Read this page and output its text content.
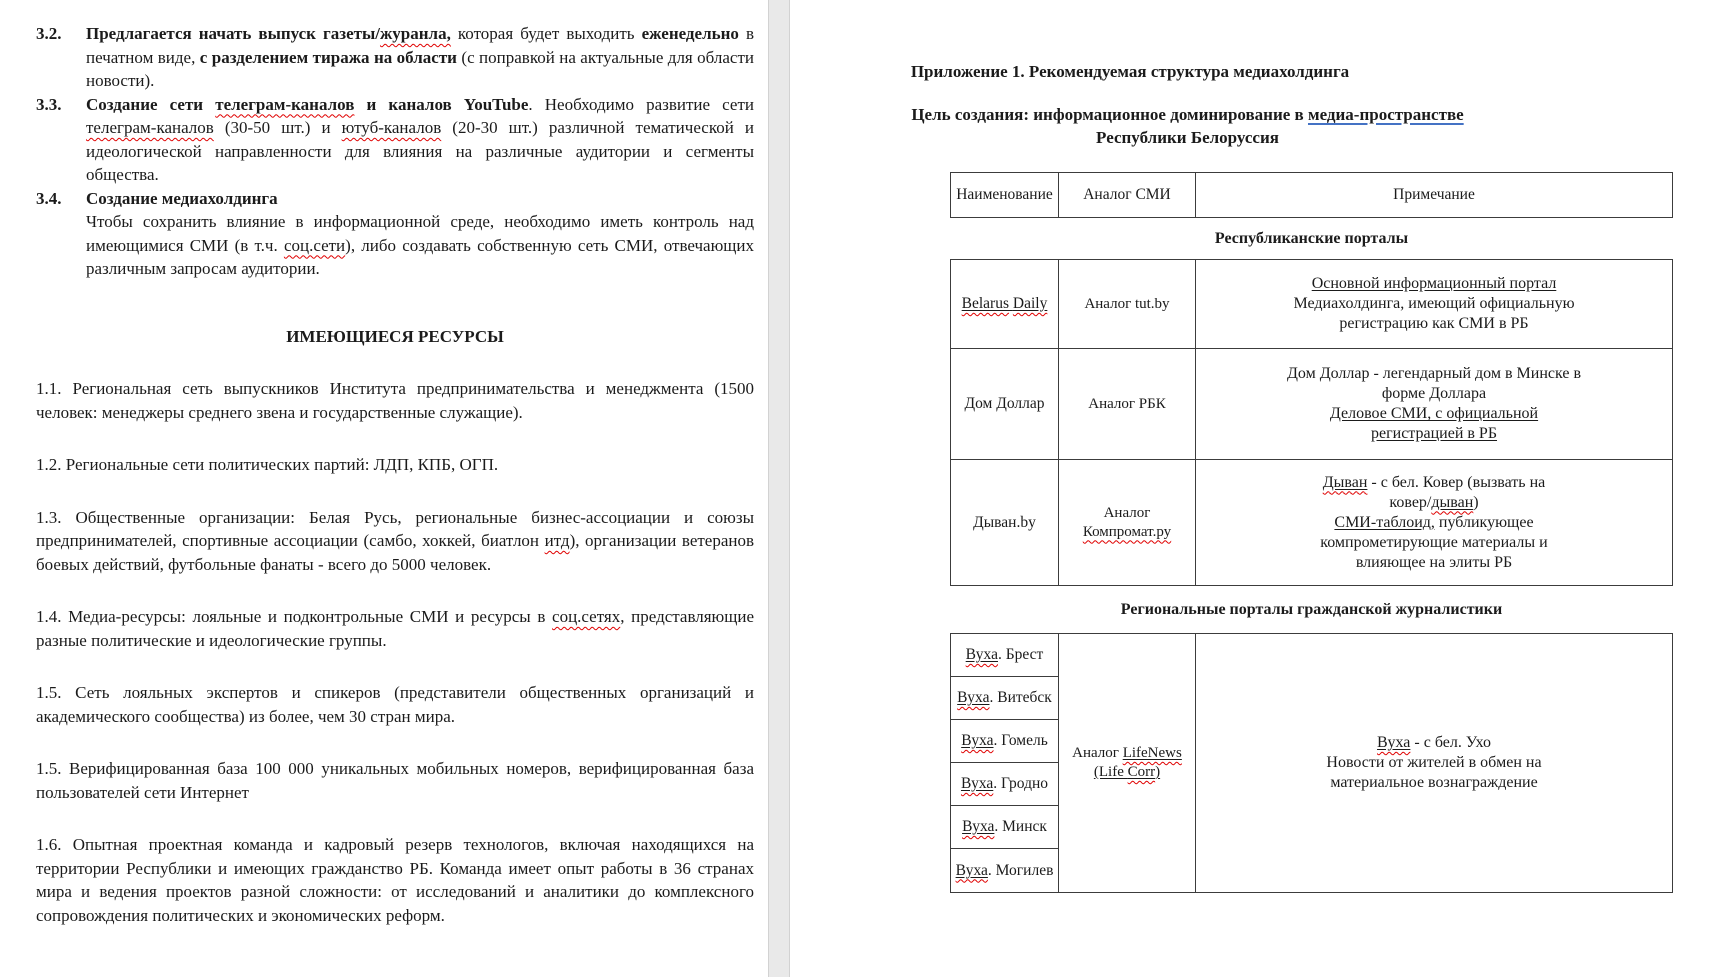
3.2. Предлагается начать выпуск газеты/журанла, которая будет выходить еженедельно в печатном виде, с разделением тиража на области (с поправкой на актуальные для области новости).
3.3. Создание сети телеграм-каналов и каналов YouTube. Необходимо развитие сети телеграм-каналов (30-50 шт.) и ютуб-каналов (20-30 шт.) различной тематической и идеологической направленности для влияния на различные аудитории и сегменты общества.
3.4. Создание медиахолдинга
Чтобы сохранить влияние в информационной среде, необходимо иметь контроль над имеющимися СМИ (в т.ч. соц.сети), либо создавать собственную сеть СМИ, отвечающих различным запросам аудитории.
ИМЕЮЩИЕСЯ РЕСУРСЫ
1.1. Региональная сеть выпускников Института предпринимательства и менеджмента (1500 человек: менеджеры среднего звена и государственные служащие).
1.2. Региональные сети политических партий: ЛДП, КПБ, ОГП.
1.3. Общественные организации: Белая Русь, региональные бизнес-ассоциации и союзы предпринимателей, спортивные ассоциации (самбо, хоккей, биатлон итд), организации ветеранов боевых действий, футбольные фанаты - всего до 5000 человек.
1.4. Медиа-ресурсы: лояльные и подконтрольные СМИ и ресурсы в соц.сетях, представляющие разные политические и идеологические группы.
1.5. Сеть лояльных экспертов и спикеров (представители общественных организаций и академического сообщества) из более, чем 30 стран мира.
1.5. Верифицированная база 100 000 уникальных мобильных номеров, верифицированная база пользователей сети Интернет
1.6. Опытная проектная команда и кадровый резерв технологов, включая находящихся на территории Республики и имеющих гражданство РБ. Команда имеет опыт работы в 36 странах мира и ведения проектов разной сложности: от исследований и аналитики до комплексного сопровождения политических и экономических реформ.
Приложение 1. Рекомендуемая структура медиахолдинга
Цель создания: информационное доминирование в медиа-пространстве
Республики Белоруссия
Наименование	Аналог СМИ	Примечание
Республиканские порталы		
Belarus Daily	Аналог tut.by	Основной информационный портал
Медиахолдинга, имеющий официальную
регистрацию как СМИ в РБ
Дом Доллар	Аналог РБК	Дом Доллар - легендарный дом в Минске в
форме Доллара
Деловое СМИ, с официальной
регистрацией в РБ
Дыван.by	Аналог Компромат.ру	Дыван - с бел. Ковер (вызвать на
ковер/дыван)
СМИ-таблоид, публикующее
компрометирующие материалы и
влияющее на элиты РБ
Региональные порталы гражданской журналистики		
Вуха. Брест	Аналог LifeNews (Life Corr)	Вуха - с бел. Ухо
Новости от жителей в обмен на
материальное вознаграждение
Вуха. Витебск		
Вуха. Гомель		
Вуха. Гродно		
Вуха. Минск		
Вуха. Могилев		
